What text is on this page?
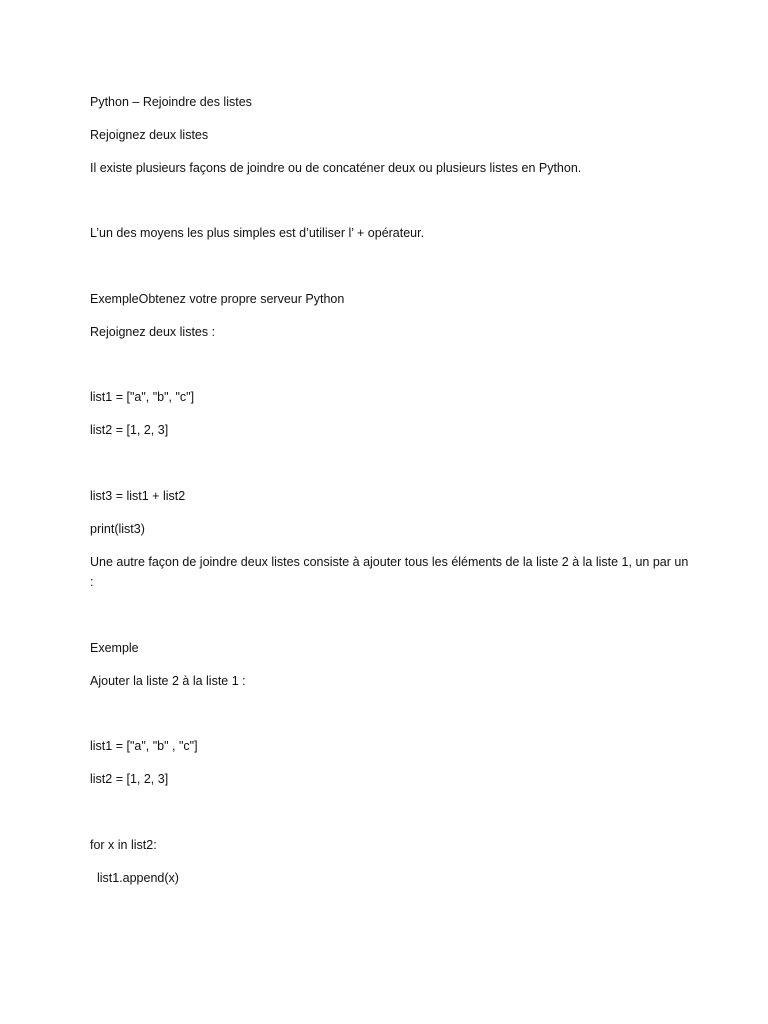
Python – Rejoindre des listes

Rejoignez deux listes

Il existe plusieurs façons de joindre ou de concaténer deux ou plusieurs listes en Python.

L’un des moyens les plus simples est d’utiliser l’ + opérateur.

ExempleObtenez votre propre serveur Python

Rejoignez deux listes :

list1 = ["a", "b", "c"]

list2 = [1, 2, 3]

list3 = list1 + list2

print(list3)

Une autre façon de joindre deux listes consiste à ajouter tous les éléments de la liste 2 à la liste 1, un par un :

Exemple

Ajouter la liste 2 à la liste 1 :

list1 = ["a", "b" , "c"]

list2 = [1, 2, 3]

for x in list2:

list1.append(x)
